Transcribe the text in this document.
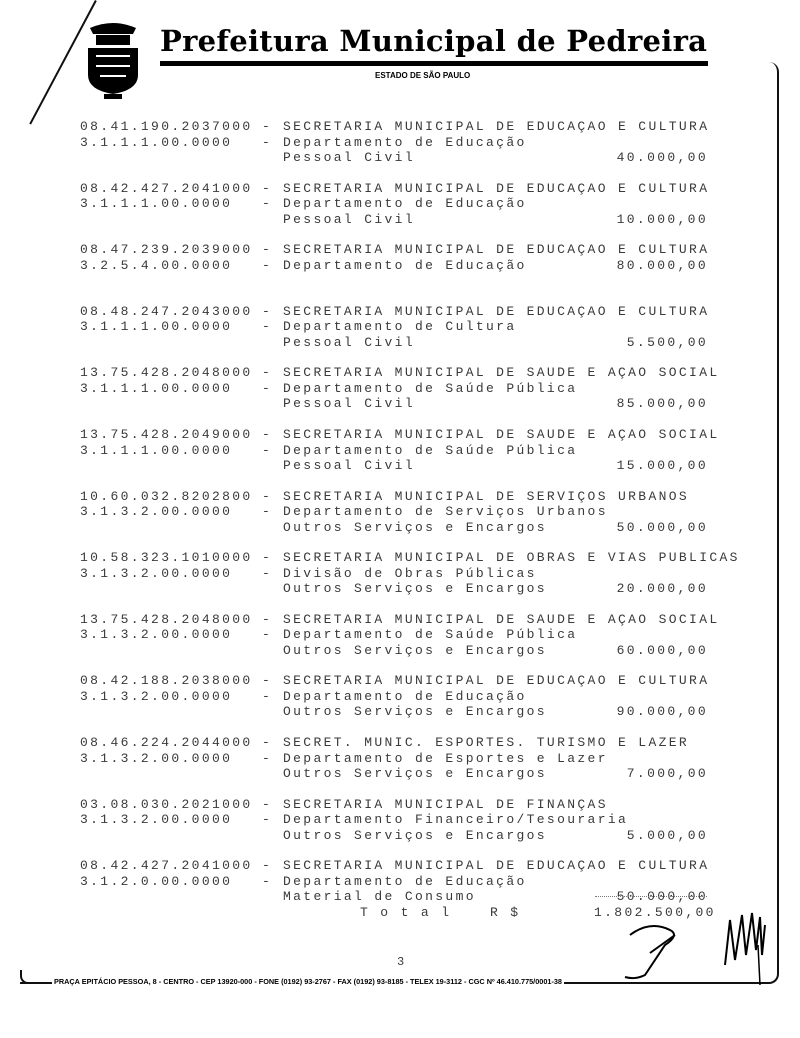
Prefeitura Municipal de Pedreira
ESTADO DE SÃO PAULO
08.41.190.2037000 - SECRETARIA MUNICIPAL DE EDUCAÇAO E CULTURA
3.1.1.1.00.0000 - Departamento de Educação
Pessoal Civil	40.000,00
08.42.427.2041000 - SECRETARIA MUNICIPAL DE EDUCAÇAO E CULTURA
3.1.1.1.00.0000 - Departamento de Educação
Pessoal Civil	10.000,00
08.47.239.2039000 - SECRETARIA MUNICIPAL DE EDUCAÇAO E CULTURA
3.2.5.4.00.0000 - Departamento de Educação	80.000,00
08.48.247.2043000 - SECRETARIA MUNICIPAL DE EDUCAÇAO E CULTURA
3.1.1.1.00.0000 - Departamento de Cultura
Pessoal Civil	5.500,00
13.75.428.2048000 - SECRETARIA MUNICIPAL DE SAUDE E AÇAO SOCIAL
3.1.1.1.00.0000 - Departamento de Saúde Pública
Pessoal Civil	85.000,00
13.75.428.2049000 - SECRETARIA MUNICIPAL DE SAUDE E AÇAO SOCIAL
3.1.1.1.00.0000 - Departamento de Saúde Pública
Pessoal Civil	15.000,00
10.60.032.8202800 - SECRETARIA MUNICIPAL DE SERVIÇOS URBANOS
3.1.3.2.00.0000 - Departamento de Serviços Urbanos
Outros Serviços e Encargos	50.000,00
10.58.323.1010000 - SECRETARIA MUNICIPAL DE OBRAS E VIAS PUBLICAS
3.1.3.2.00.0000 - Divisão de Obras Públicas
Outros Serviços e Encargos	20.000,00
13.75.428.2048000 - SECRETARIA MUNICIPAL DE SAUDE E AÇAO SOCIAL
3.1.3.2.00.0000 - Departamento de Saúde Pública
Outros Serviços e Encargos	60.000,00
08.42.188.2038000 - SECRETARIA MUNICIPAL DE EDUCAÇAO E CULTURA
3.1.3.2.00.0000 - Departamento de Educação
Outros Serviços e Encargos	90.000,00
08.46.224.2044000 - SECRET. MUNIC. ESPORTES. TURISMO E LAZER
3.1.3.2.00.0000 - Departamento de Esportes e Lazer
Outros Serviços e Encargos	7.000,00
03.08.030.2021000 - SECRETARIA MUNICIPAL DE FINANÇAS
3.1.3.2.00.0000 - Departamento Financeiro/Tesouraria
Outros Serviços e Encargos	5.000,00
08.42.427.2041000 - SECRETARIA MUNICIPAL DE EDUCAÇAO E CULTURA
3.1.2.0.00.0000 - Departamento de Educação
Material de Consumo	50.000,00
T o t a l	R $	1.802.500,00
3
PRAÇA EPITÁCIO PESSOA, 8 - CENTRO - CEP 13920-000 - FONE (0192) 93-2767 - FAX (0192) 93-8185 - TELEX 19-3112 - CGC Nº 46.410.775/0001-38
